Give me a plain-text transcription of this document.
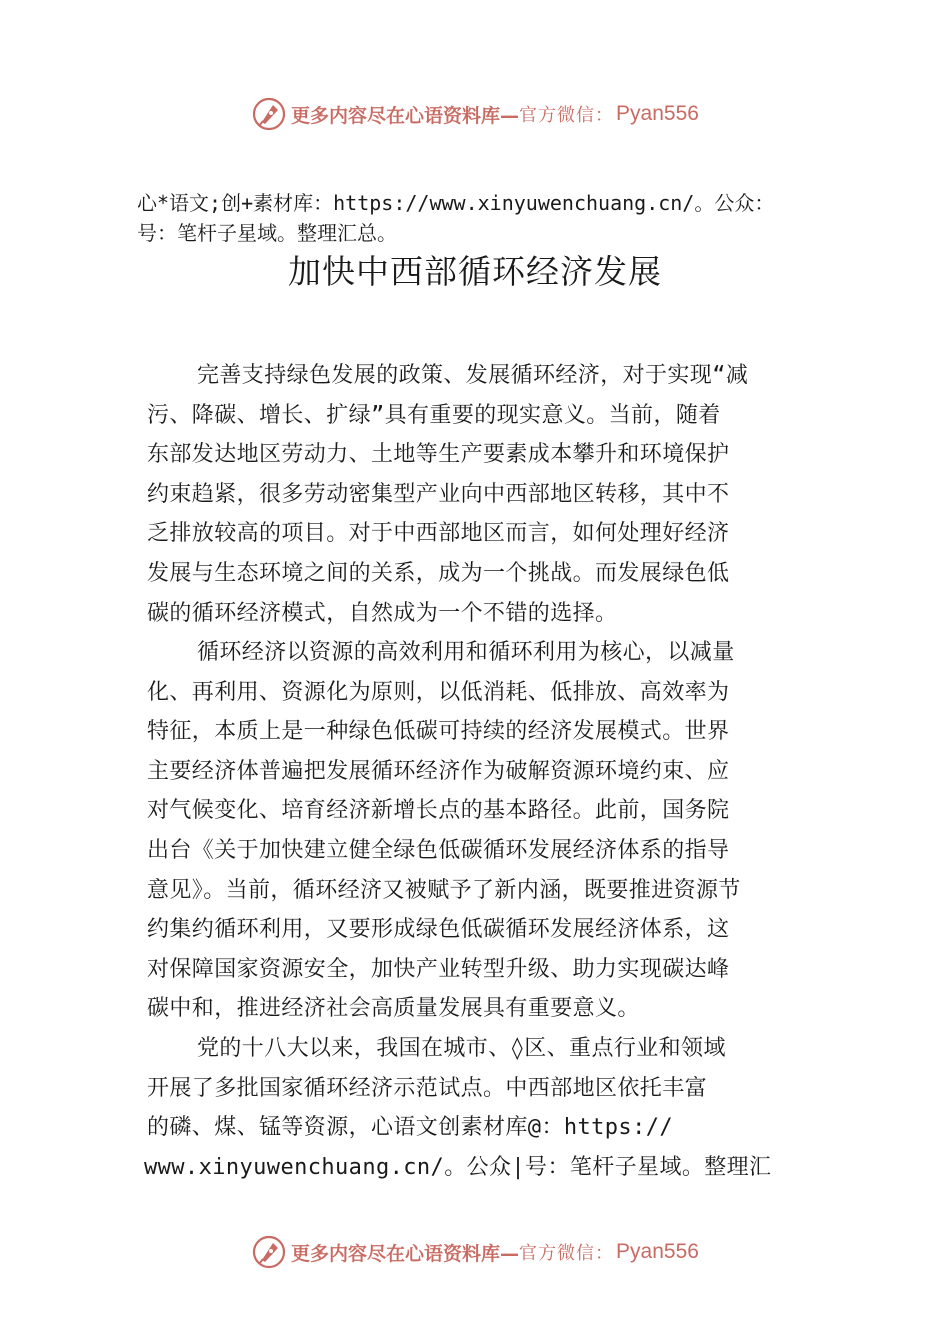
更多内容尽在心语资料库— 官方微信： Pyan556
心*语文;创+素材库：https://www.xinyuwenchuang.cn/。公众：
号：笔杆子星域。整理汇总。
加快中西部循环经济发展
完善支持绿色发展的政策、发展循环经济，对于实现“减
污、降碳、增长、扩绿”具有重要的现实意义。当前，随着
东部发达地区劳动力、土地等生产要素成本攀升和环境保护
约束趋紧，很多劳动密集型产业向中西部地区转移，其中不
乏排放较高的项目。对于中西部地区而言，如何处理好经济
发展与生态环境之间的关系，成为一个挑战。而发展绿色低
碳的循环经济模式，自然成为一个不错的选择。
循环经济以资源的高效利用和循环利用为核心，以减量
化、再利用、资源化为原则，以低消耗、低排放、高效率为
特征，本质上是一种绿色低碳可持续的经济发展模式。世界
主要经济体普遍把发展循环经济作为破解资源环境约束、应
对气候变化、培育经济新增长点的基本路径。此前，国务院
出台《关于加快建立健全绿色低碳循环发展经济体系的指导
意见》。当前，循环经济又被赋予了新内涵，既要推进资源节
约集约循环利用，又要形成绿色低碳循环发展经济体系，这
对保障国家资源安全，加快产业转型升级、助力实现碳达峰
碳中和，推进经济社会高质量发展具有重要意义。
党的十八大以来，我国在城市、◊区、重点行业和领域
开展了多批国家循环经济示范试点。中西部地区依托丰富
的磷、煤、锰等资源，心语文创素材库@：https://
www.xinyuwenchuang.cn/。公众|号：笔杆子星域。整理汇
更多内容尽在心语资料库— 官方微信： Pyan556
